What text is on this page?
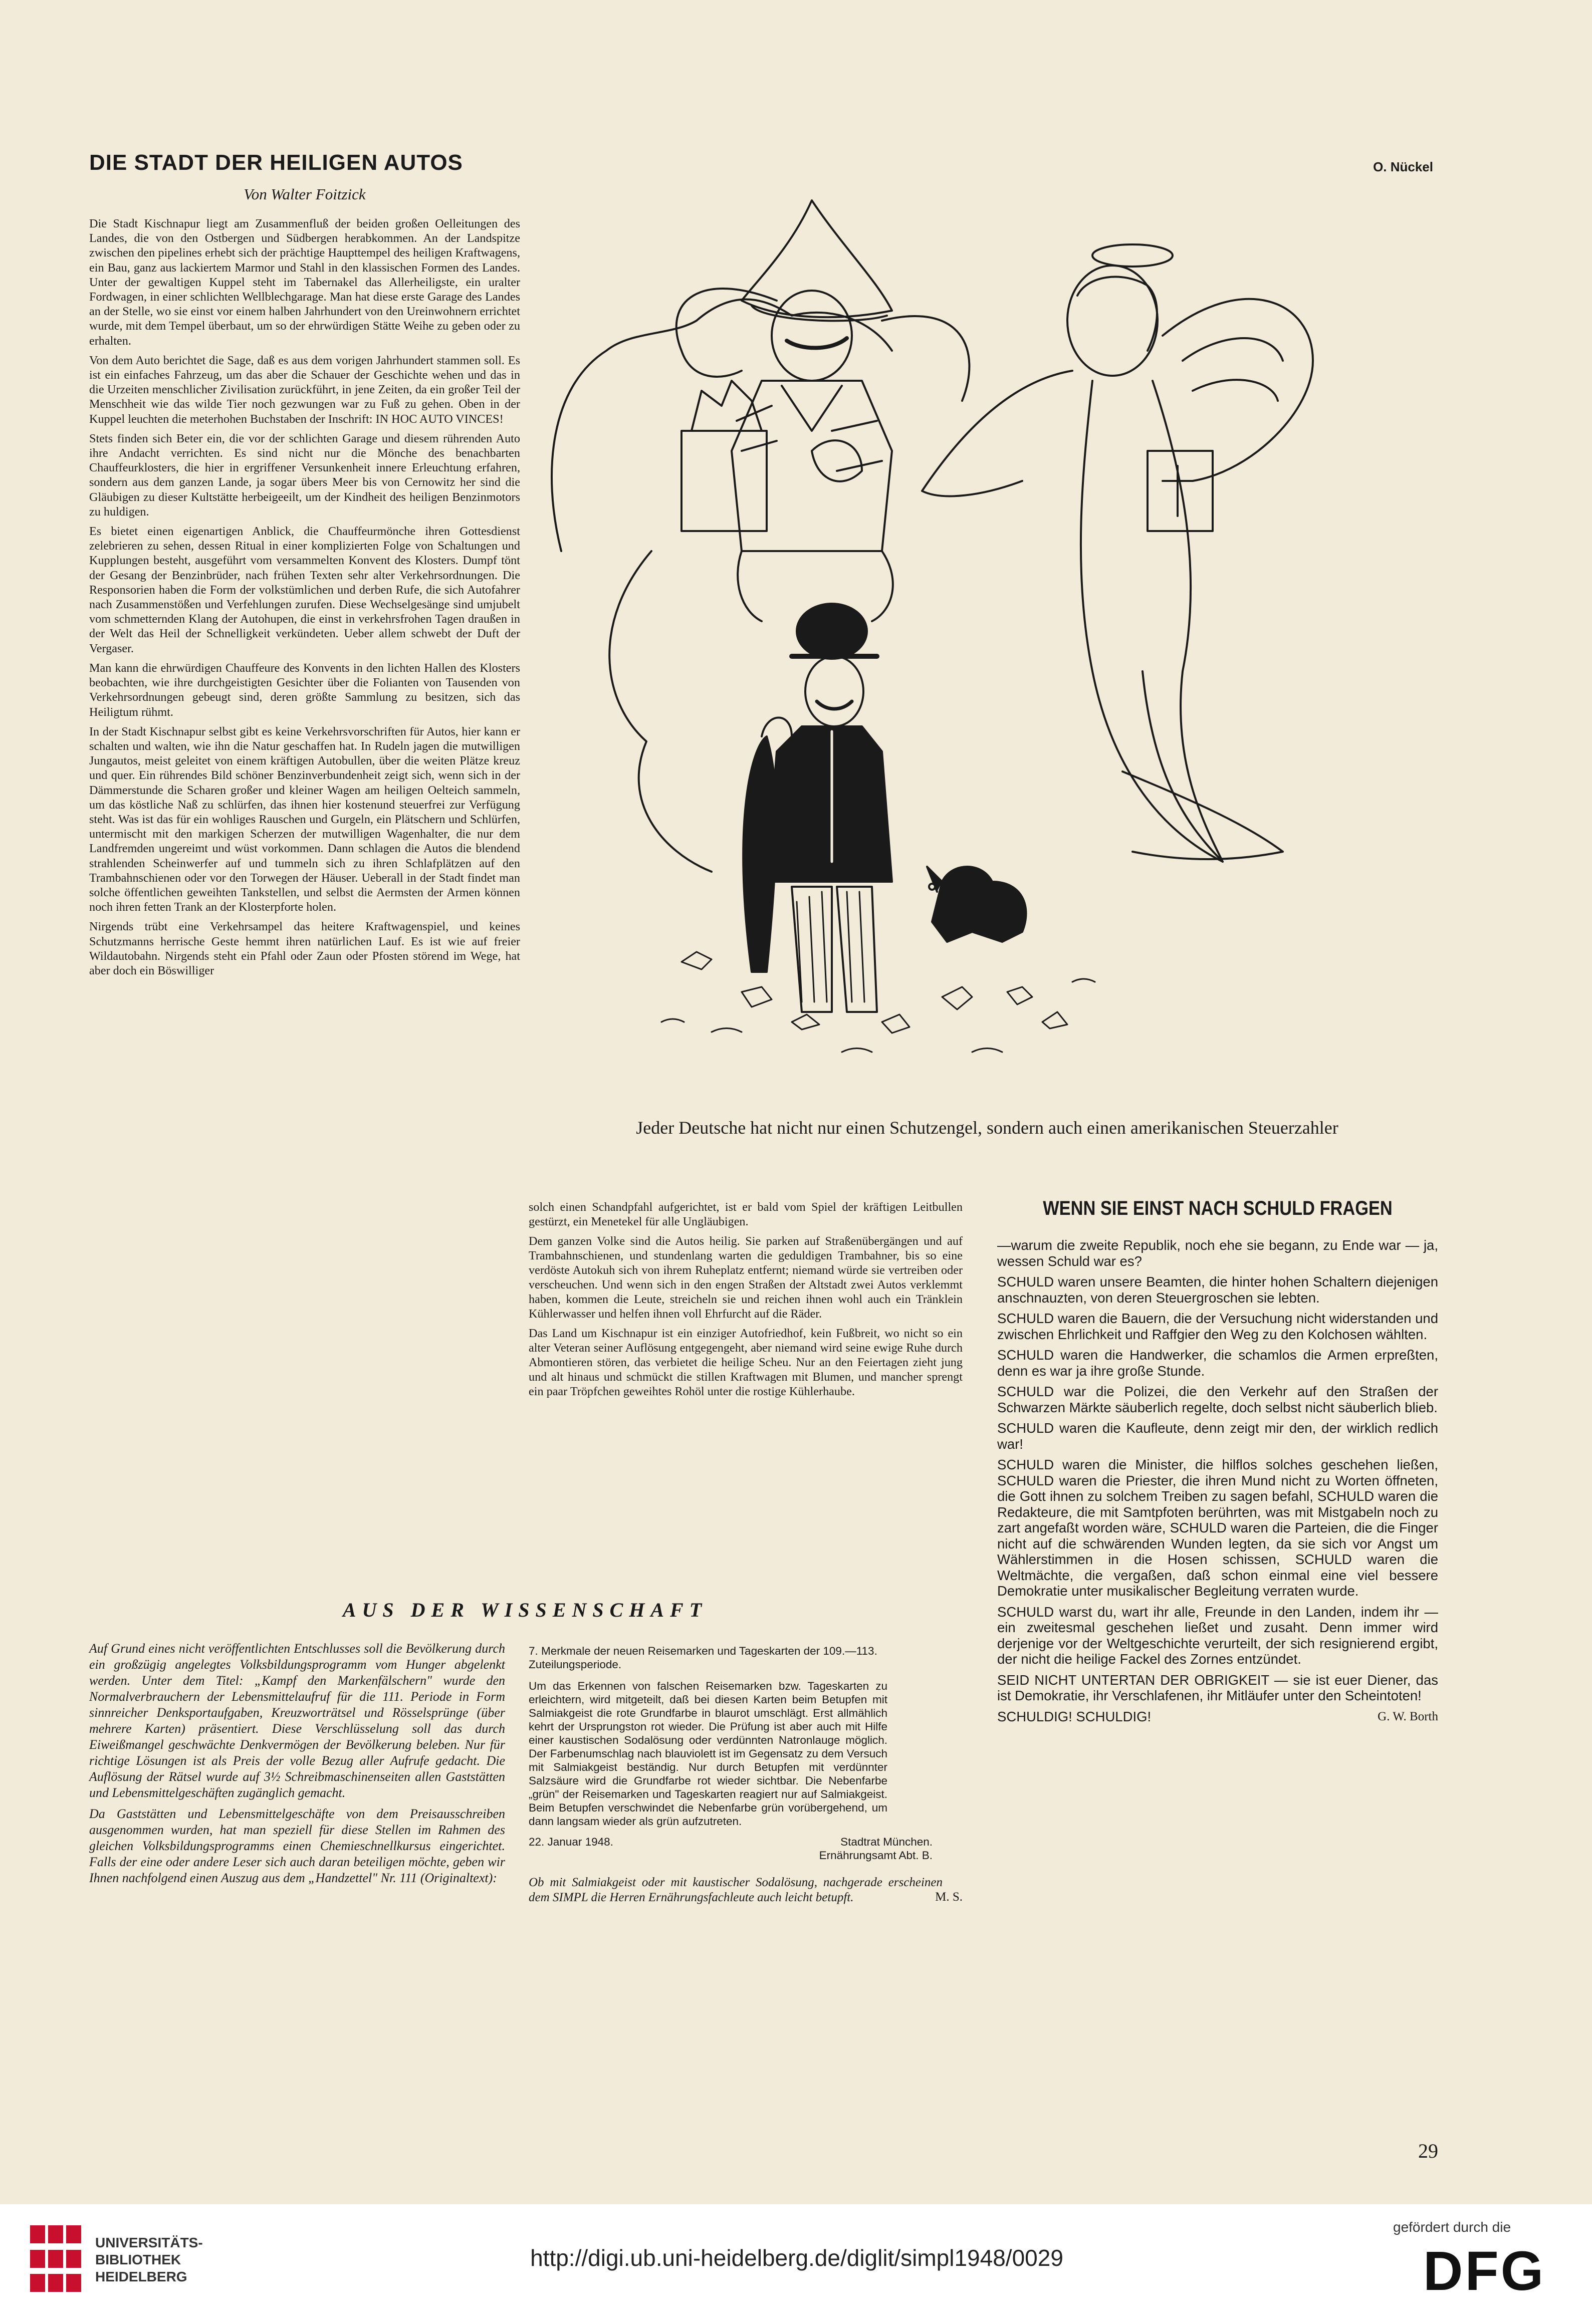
DIE STADT DER HEILIGEN AUTOS
Von Walter Foitzick

Die Stadt Kischnapur liegt am Zusammenfluß der beiden großen Oelleitungen des Landes, die von den Ostbergen und Südbergen herabkommen. An der Landspitze zwischen den pipelines erhebt sich der prächtige Haupttempel des heiligen Kraftwagens, ein Bau, ganz aus lackiertem Marmor und Stahl in den klassischen Formen des Landes. Unter der gewaltigen Kuppel steht im Tabernakel das Allerheiligste, ein uralter Fordwagen, in einer schlichten Wellblechgarage. Man hat diese erste Garage des Landes an der Stelle, wo sie einst vor einem halben Jahrhundert von den Ureinwohnern errichtet wurde, mit dem Tempel überbaut, um so der ehrwürdigen Stätte Weihe zu geben oder zu erhalten.

Von dem Auto berichtet die Sage, daß es aus dem vorigen Jahrhundert stammen soll. Es ist ein einfaches Fahrzeug, um das aber die Schauer der Geschichte wehen und das in die Urzeiten menschlicher Zivilisation zurückführt, in jene Zeiten, da ein großer Teil der Menschheit wie das wilde Tier noch gezwungen war zu Fuß zu gehen. Oben in der Kuppel leuchten die meterhohen Buchstaben der Inschrift: IN HOC AUTO VINCES!

Stets finden sich Beter ein, die vor der schlichten Garage und diesem rührenden Auto ihre Andacht verrichten. Es sind nicht nur die Mönche des benachbarten Chauffeurklosters, die hier in ergriffener Versunkenheit innere Erleuchtung erfahren, sondern aus dem ganzen Lande, ja sogar übers Meer bis von Cernowitz her sind die Gläubigen zu dieser Kultstätte herbeigeeilt, um der Kindheit des heiligen Benzinmotors zu huldigen.

Es bietet einen eigenartigen Anblick, die Chauffeurmönche ihren Gottesdienst zelebrieren zu sehen, dessen Ritual in einer komplizierten Folge von Schaltungen und Kupplungen besteht, ausgeführt vom versammelten Konvent des Klosters. Dumpf tönt der Gesang der Benzinbrüder, nach frühen Texten sehr alter Verkehrsordnungen. Die Responsorien haben die Form der volkstümlichen und derben Rufe, die sich Autofahrer nach Zusammenstößen und Verfehlungen zurufen. Diese Wechselgesänge sind umjubelt vom schmetternden Klang der Autohupen, die einst in verkehrsfrohen Tagen draußen in der Welt das Heil der Schnelligkeit verkündeten. Ueber allem schwebt der Duft der Vergaser.

Man kann die ehrwürdigen Chauffeure des Konvents in den lichten Hallen des Klosters beobachten, wie ihre durchgeistigten Gesichter über die Folianten von Tausenden von Verkehrsordnungen gebeugt sind, deren größte Sammlung zu besitzen, sich das Heiligtum rühmt.

In der Stadt Kischnapur selbst gibt es keine Verkehrsvorschriften für Autos, hier kann er schalten und walten, wie ihn die Natur geschaffen hat. In Rudeln jagen die mutwilligen Jungautos, meist geleitet von einem kräftigen Autobullen, über die weiten Plätze kreuz und quer. Ein rührendes Bild schöner Benzinverbundenheit zeigt sich, wenn sich in der Dämmerstunde die Scharen großer und kleiner Wagen am heiligen Oelteich sammeln, um das köstliche Naß zu schlürfen, das ihnen hier kostenund steuerfrei zur Verfügung steht. Was ist das für ein wohliges Rauschen und Gurgeln, ein Plätschern und Schlürfen, untermischt mit den markigen Scherzen der mutwilligen Wagenhalter, die nur dem Landfremden ungereimt und wüst vorkommen. Dann schlagen die Autos die blendend strahlenden Scheinwerfer auf und tummeln sich zu ihren Schlafplätzen auf den Trambahnschienen oder vor den Torwegen der Häuser. Ueberall in der Stadt findet man solche öffentlichen geweihten Tankstellen, und selbst die Aermsten der Armen können noch ihren fetten Trank an der Klosterpforte holen.

Nirgends trübt eine Verkehrsampel das heitere Kraftwagenspiel, und keines Schutzmanns herrische Geste hemmt ihren natürlichen Lauf. Es ist wie auf freier Wildautobahn. Nirgends steht ein Pfahl oder Zaun oder Pfosten störend im Wege, hat aber doch ein Böswilliger

O. Nückel
Jeder Deutsche hat nicht nur einen Schutzengel, sondern auch einen amerikanischen Steuerzahler

solch einen Schandpfahl aufgerichtet, ist er bald vom Spiel der kräftigen Leitbullen gestürzt, ein Menetekel für alle Ungläubigen.

Dem ganzen Volke sind die Autos heilig. Sie parken auf Straßenübergängen und auf Trambahnschienen, und stundenlang warten die geduldigen Trambahner, bis so eine verdöste Autokuh sich von ihrem Ruheplatz entfernt; niemand würde sie vertreiben oder verscheuchen. Und wenn sich in den engen Straßen der Altstadt zwei Autos verklemmt haben, kommen die Leute, streicheln sie und reichen ihnen wohl auch ein Tränklein Kühlerwasser und helfen ihnen voll Ehrfurcht auf die Räder.

Das Land um Kischnapur ist ein einziger Autofriedhof, kein Fußbreit, wo nicht so ein alter Veteran seiner Auflösung entgegengeht, aber niemand wird seine ewige Ruhe durch Abmontieren stören, das verbietet die heilige Scheu. Nur an den Feiertagen zieht jung und alt hinaus und schmückt die stillen Kraftwagen mit Blumen, und mancher sprengt ein paar Tröpfchen geweihtes Rohöl unter die rostige Kühlerhaube.

WENN SIE EINST NACH SCHULD FRAGEN

—warum die zweite Republik, noch ehe sie begann, zu Ende war — ja, wessen Schuld war es?

SCHULD waren unsere Beamten, die hinter hohen Schaltern diejenigen anschnauzten, von deren Steuergroschen sie lebten.

SCHULD waren die Bauern, die der Versuchung nicht widerstanden und zwischen Ehrlichkeit und Raffgier den Weg zu den Kolchosen wählten.

SCHULD waren die Handwerker, die schamlos die Armen erpreßten, denn es war ja ihre große Stunde.

SCHULD war die Polizei, die den Verkehr auf den Straßen der Schwarzen Märkte säuberlich regelte, doch selbst nicht säuberlich blieb.

SCHULD waren die Kaufleute, denn zeigt mir den, der wirklich redlich war!

SCHULD waren die Minister, die hilflos solches geschehen ließen, SCHULD waren die Priester, die ihren Mund nicht zu Worten öffneten, die Gott ihnen zu solchem Treiben zu sagen befahl, SCHULD waren die Redakteure, die mit Samtpfoten berührten, was mit Mistgabeln noch zu zart angefaßt worden wäre, SCHULD waren die Parteien, die die Finger nicht auf die schwärenden Wunden legten, da sie sich vor Angst um Wählerstimmen in die Hosen schissen, SCHULD waren die Weltmächte, die vergaßen, daß schon einmal eine viel bessere Demokratie unter musikalischer Begleitung verraten wurde.

SCHULD warst du, wart ihr alle, Freunde in den Landen, indem ihr — ein zweitesmal geschehen ließet und zusaht. Denn immer wird derjenige vor der Weltgeschichte verurteilt, der sich resignierend ergibt, der nicht die heilige Fackel des Zornes entzündet.

SEID NICHT UNTERTAN DER OBRIGKEIT — sie ist euer Diener, das ist Demokratie, ihr Verschlafenen, ihr Mitläufer unter den Scheintoten!

SCHULDIG! SCHULDIG!	G. W. Borth
AUS DER WISSENSCHAFT

Auf Grund eines nicht veröffentlichten Entschlusses soll die Bevölkerung durch ein großzügig angelegtes Volksbildungsprogramm vom Hunger abgelenkt werden. Unter dem Titel: „Kampf den Markenfälschern" wurde den Normalverbrauchern der Lebensmittelaufruf für die 111. Periode in Form sinnreicher Denksportaufgaben, Kreuzworträtsel und Rösselsprünge (über mehrere Karten) präsentiert. Diese Verschlüsselung soll das durch Eiweißmangel geschwächte Denkvermögen der Bevölkerung beleben. Nur für richtige Lösungen ist als Preis der volle Bezug aller Aufrufe gedacht. Die Auflösung der Rätsel wurde auf 3½ Schreibmaschinenseiten allen Gaststätten und Lebensmittelgeschäften zugänglich gemacht.

Da Gaststätten und Lebensmittelgeschäfte von dem Preisausschreiben ausgenommen wurden, hat man speziell für diese Stellen im Rahmen des gleichen Volksbildungsprogramms einen Chemieschnellkursus eingerichtet. Falls der eine oder andere Leser sich auch daran beteiligen möchte, geben wir Ihnen nachfolgend einen Auszug aus dem „Handzettel" Nr. 111 (Originaltext):

7. Merkmale der neuen Reisemarken und Tageskarten der 109.—113. Zuteilungsperiode.

Um das Erkennen von falschen Reisemarken bzw. Tageskarten zu erleichtern, wird mitgeteilt, daß bei diesen Karten beim Betupfen mit Salmiakgeist die rote Grundfarbe in blaurot umschlägt. Erst allmählich kehrt der Ursprungston rot wieder. Die Prüfung ist aber auch mit Hilfe einer kaustischen Sodalösung oder verdünnten Natronlauge möglich. Der Farbenumschlag nach blauviolett ist im Gegensatz zu dem Versuch mit Salmiakgeist beständig. Nur durch Betupfen mit verdünnter Salzsäure wird die Grundfarbe rot wieder sichtbar. Die Nebenfarbe „grün" der Reisemarken und Tageskarten reagiert nur auf Salmiakgeist. Beim Betupfen verschwindet die Nebenfarbe grün vorübergehend, um dann langsam wieder als grün aufzutreten.

22. Januar 1948.	Stadtrat München.
Ernährungsamt Abt. B.

Ob mit Salmiakgeist oder mit kaustischer Sodalösung, nachgerade erscheinen dem SIMPL die Herren Ernährungsfachleute auch leicht betupft.	M. S.
29
UNIVERSITÄTS-
BIBLIOTHEK
HEIDELBERG
http://digi.ub.uni-heidelberg.de/diglit/simpl1948/0029
gefördert durch die
DFG
